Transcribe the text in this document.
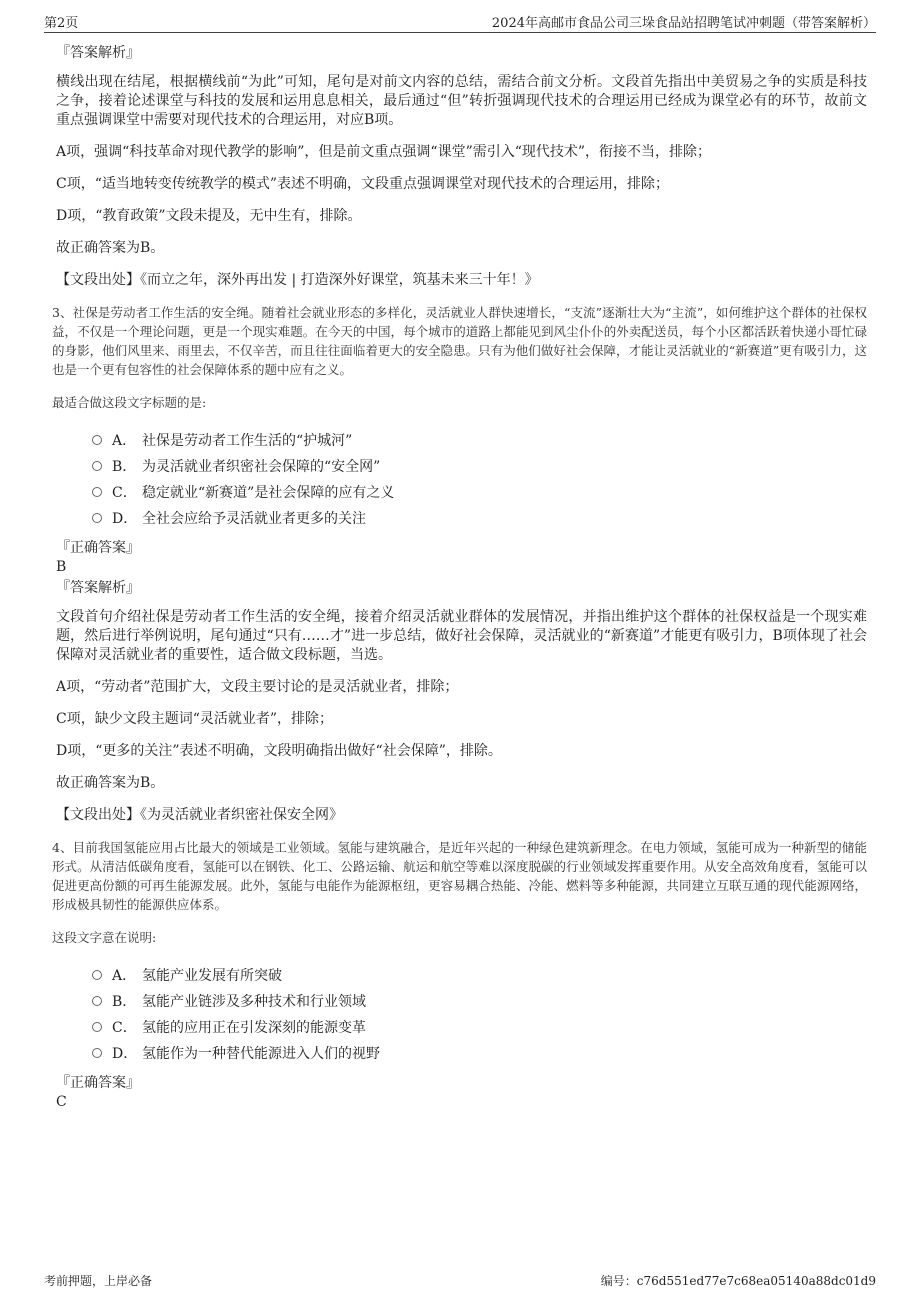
第2页	2024年高邮市食品公司三垛食品站招聘笔试冲刺题（带答案解析）
『答案解析』
横线出现在结尾，根据横线前“为此”可知，尾句是对前文内容的总结，需结合前文分析。文段首先指出中美贸易之争的实质是科技之争，接着论述课堂与科技的发展和运用息息相关，最后通过“但”转折强调现代技术的合理运用已经成为课堂必有的环节，故前文重点强调课堂中需要对现代技术的合理运用，对应B项。
A项，强调“科技革命对现代教学的影响”，但是前文重点强调“课堂”需引入“现代技术”，衔接不当，排除；
C项，“适当地转变传统教学的模式”表述不明确，文段重点强调课堂对现代技术的合理运用，排除；
D项，“教育政策”文段未提及，无中生有，排除。
故正确答案为B。
【文段出处】《而立之年，深外再出发 | 打造深外好课堂，筑基未来三十年！》
3、社保是劳动者工作生活的安全绳。随着社会就业形态的多样化，灵活就业人群快速增长，“支流”逐渐壮大为“主流”，如何维护这个群体的社保权益，不仅是一个理论问题，更是一个现实难题。在今天的中国，每个城市的道路上都能见到风尘仆仆的外卖配送员，每个小区都活跃着快递小哥忙碌的身影，他们风里来、雨里去，不仅辛苦，而且往往面临着更大的安全隐患。只有为他们做好社会保障，才能让灵活就业的“新赛道”更有吸引力，这也是一个更有包容性的社会保障体系的题中应有之义。
最适合做这段文字标题的是:
A． 社保是劳动者工作生活的“护城河”
B． 为灵活就业者织密社会保障的“安全网”
C． 稳定就业“新赛道”是社会保障的应有之义
D． 全社会应给予灵活就业者更多的关注
『正确答案』
B
『答案解析』
文段首句介绍社保是劳动者工作生活的安全绳，接着介绍灵活就业群体的发展情况，并指出维护这个群体的社保权益是一个现实难题，然后进行举例说明，尾句通过“只有……才”进一步总结，做好社会保障，灵活就业的“新赛道”才能更有吸引力，B项体现了社会保障对灵活就业者的重要性，适合做文段标题，当选。
A项，“劳动者”范围扩大，文段主要讨论的是灵活就业者，排除；
C项，缺少文段主题词“灵活就业者”，排除；
D项，“更多的关注”表述不明确，文段明确指出做好“社会保障”，排除。
故正确答案为B。
【文段出处】《为灵活就业者织密社保安全网》
4、目前我国氢能应用占比最大的领域是工业领域。氢能与建筑融合，是近年兴起的一种绿色建筑新理念。在电力领域，氢能可成为一种新型的储能形式。从清洁低碳角度看，氢能可以在钢铁、化工、公路运输、航运和航空等难以深度脱碳的行业领域发挥重要作用。从安全高效角度看，氢能可以促进更高份额的可再生能源发展。此外，氢能与电能作为能源枢纽，更容易耦合热能、冷能、燃料等多种能源，共同建立互联互通的现代能源网络，形成极具韧性的能源供应体系。
这段文字意在说明:
A． 氢能产业发展有所突破
B． 氢能产业链涉及多种技术和行业领域
C． 氢能的应用正在引发深刻的能源变革
D． 氢能作为一种替代能源进入人们的视野
『正确答案』
C
考前押题，上岸必备	编号：c76d551ed77e7c68ea05140a88dc01d9
